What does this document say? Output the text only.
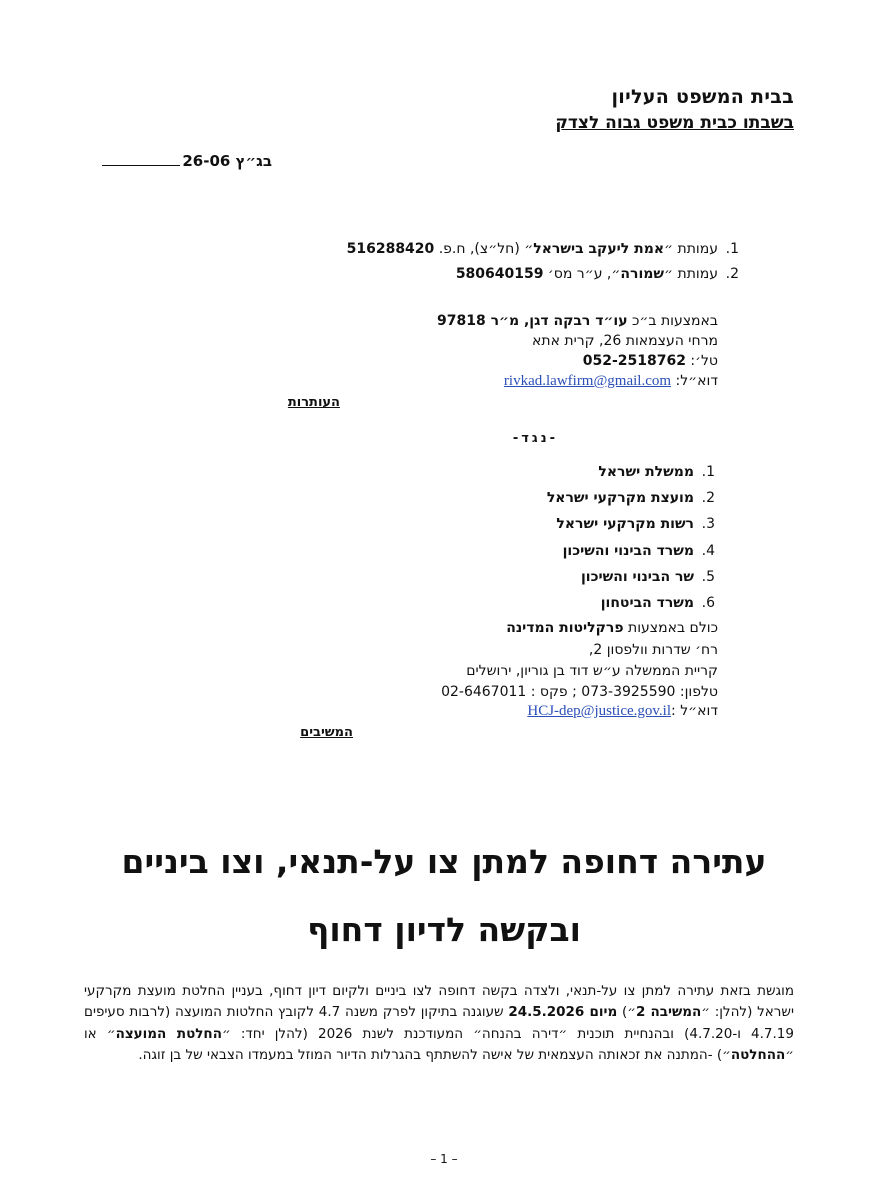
בבית המשפט העליון
בשבתו כבית משפט גבוה לצדק
בג״ץ 26-06
1.
עמותת ״אמת ליעקב בישראל״ (חל״צ), ח.פ. 516288420
2.
עמותת ״שמורה״, ע״ר מס׳ 580640159
באמצעות ב״כ עו״ד רבקה דגן, מ״ר 97818
מרחי העצמאות 26, קרית אתא
טל׳: 052-2518762
דוא״ל: rivkad.lawfirm@gmail.com
העותרות
-נגד-
1.
ממשלת ישראל
2.
מועצת מקרקעי ישראל
3.
רשות מקרקעי ישראל
4.
משרד הבינוי והשיכון
5.
שר הבינוי והשיכון
6.
משרד הביטחון
כולם באמצעות פרקליטות המדינה
רח׳ שדרות וולפסון 2,
קריית הממשלה ע״ש דוד בן גוריון, ירושלים
טלפון: 073-3925590 ; פקס : 02-6467011
דוא״ל :HCJ-dep@justice.gov.il
המשיבים
עתירה דחופה למתן צו על-תנאי, וצו ביניים
ובקשה לדיון דחוף
מוגשת בזאת עתירה למתן צו על-תנאי, ולצדה בקשה דחופה לצו ביניים ולקיום דיון דחוף, בעניין החלטת מועצת מקרקעי ישראל (להלן: ״המשיבה 2״) מיום 24.5.2026 שעוגנה בתיקון לפרק משנה 4.7 לקובץ החלטות המועצה (לרבות סעיפים 4.7.19 ו-4.7.20) ובהנחיית תוכנית ״דירה בהנחה״ המעודכנת לשנת 2026 (להלן יחד: ״החלטת המועצה״ או ״ההחלטה״) -המתנה את זכאותה העצמאית של אישה להשתתף בהגרלות הדיור המוזל במעמדו הצבאי של בן זוגה.
– 1 –
